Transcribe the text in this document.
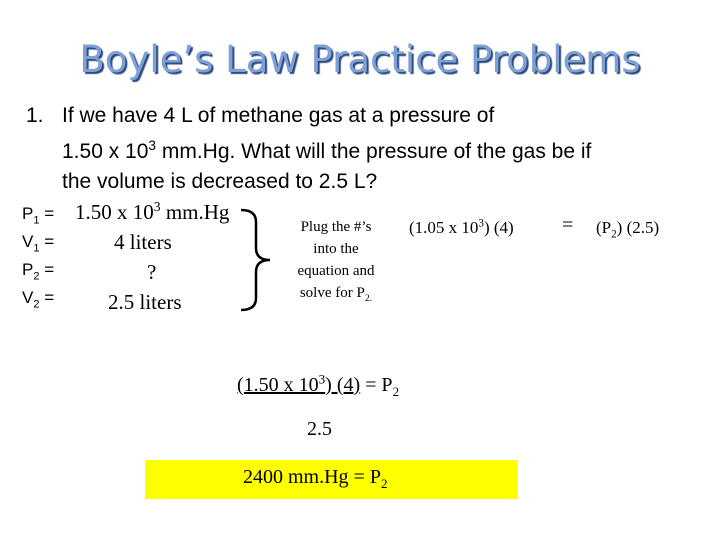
Boyle’s Law Practice Problems
1. If we have 4 L of methane gas at a pressure of
1.50 x $10^3$ mm.Hg. What will the pressure of the gas be if
the volume is decreased to 2.5 L?
$P_1 = 1.50$ x $10^3$ mm.Hg
$V_1$ =	4 liters
$P_2$ =	?
$V_2$ =	2.5 liters
Plug the #’s
into the
equation and
solve for $P_{2.}$
(1.05 x $10^3$) $(4) = (P_2)$ (2.5)
(1.50 x $10^3$) $(4) = P_2$
2.5
2400 $mm.Hg = P_2$
